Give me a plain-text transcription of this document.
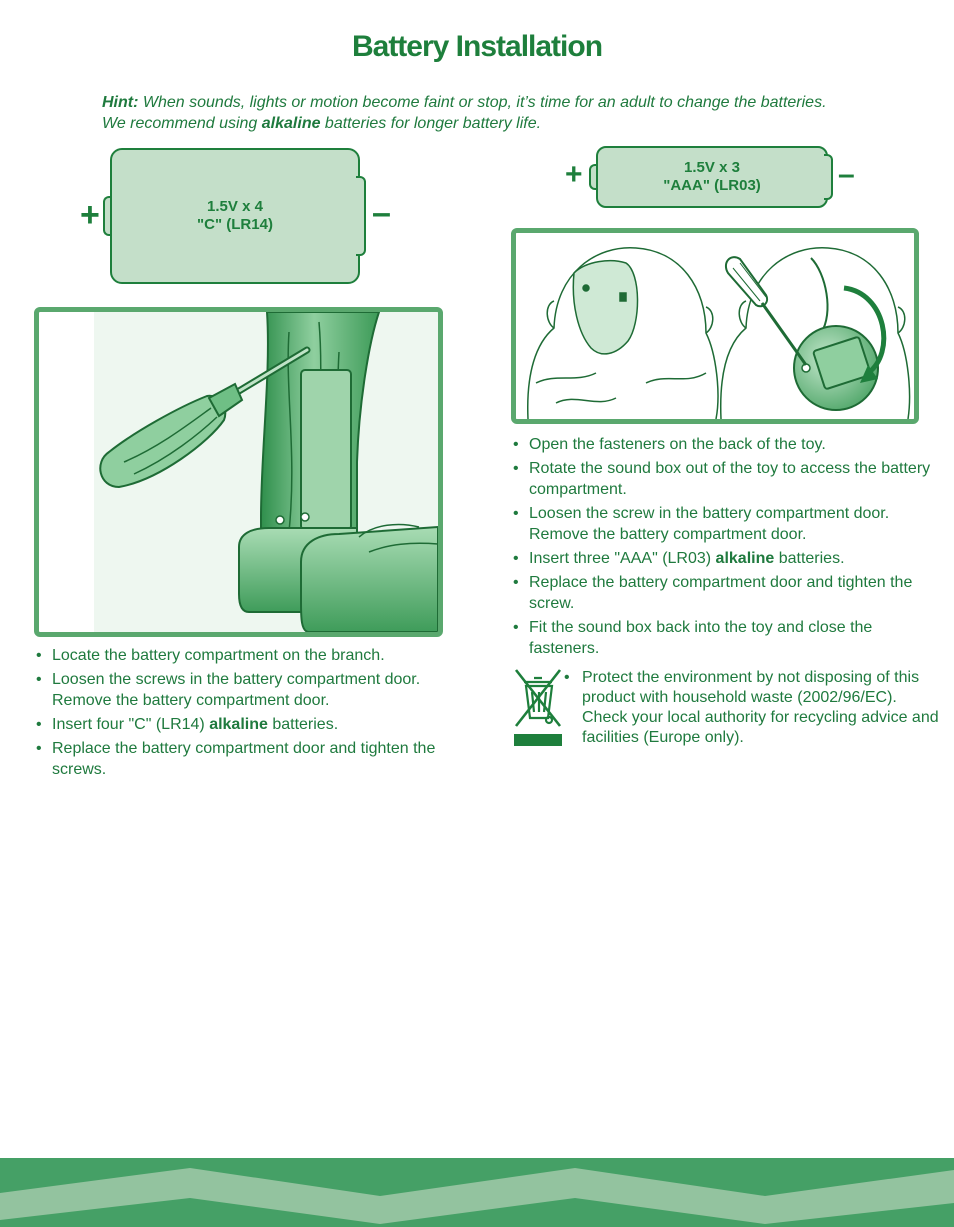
Battery Installation
Hint: When sounds, lights or motion become faint or stop, it’s time for an adult to change the batteries.
We recommend using alkaline batteries for longer battery life.
+	1.5V x 4
"C" (LR14)	–
• Locate the battery compartment on the branch.
• Loosen the screws in the battery compartment door. Remove the battery compartment door.
• Insert four "C" (LR14) alkaline batteries.
• Replace the battery compartment door and tighten the screws.
+	1.5V x 3
"AAA" (LR03)	–
• Open the fasteners on the back of the toy.
• Rotate the sound box out of the toy to access the battery compartment.
• Loosen the screw in the battery compartment door. Remove the battery compartment door.
• Insert three "AAA" (LR03) alkaline batteries.
• Replace the battery compartment door and tighten the screw.
• Fit the sound box back into the toy and close the fasteners.
• Protect the environment by not disposing of this product with household waste (2002/96/EC). Check your local authority for recycling advice and facilities (Europe only).
